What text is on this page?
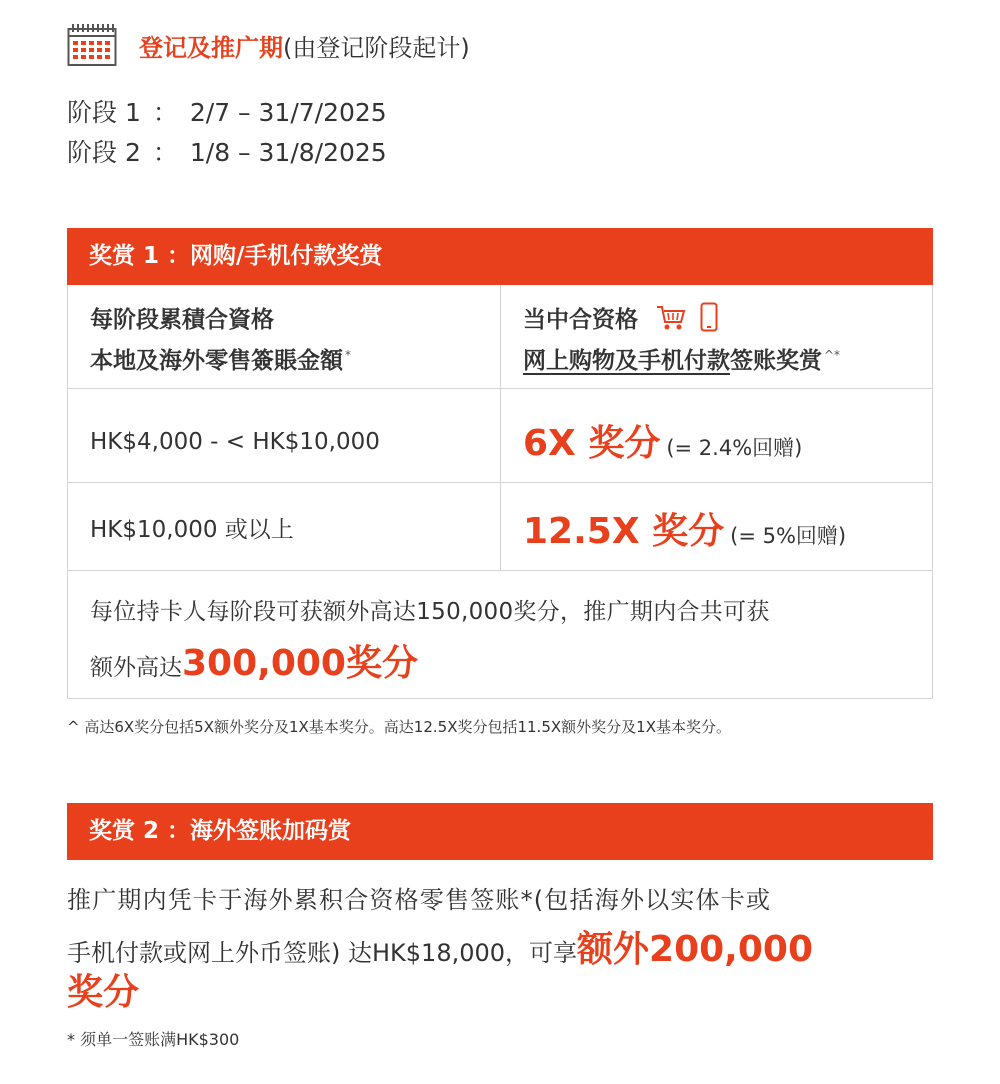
登记及推广期 (由登记阶段起计)
阶段 1 ： 2/7 – 31/7/2025
阶段 2 ： 1/8 – 31/8/2025
奖赏 1 ：网购/手机付款奖赏
每阶段累積合資格
本地及海外零售簽賬金額 *
当中合资格
网上购物及手机付款签账奖赏 ^*
HK$4,000 - < HK$10,000	6X 奖分 (= 2.4%回赠)
HK$10,000 或以上	12.5X 奖分 (= 5%回赠)
每位持卡人每阶段可获额外高达150,000奖分，推广期内合共可获
额外高达300,000奖分
^ 高达6X奖分包括5X额外奖分及1X基本奖分。高达12.5X奖分包括11.5X额外奖分及1X基本奖分。
奖赏 2 ：海外签账加码赏
推广期内凭卡于海外累积合资格零售签账*(包括海外以实体卡或
手机付款或网上外币签账) 达HK$18,000，可享额外200,000
奖分
* 须单一签账满HK$300
